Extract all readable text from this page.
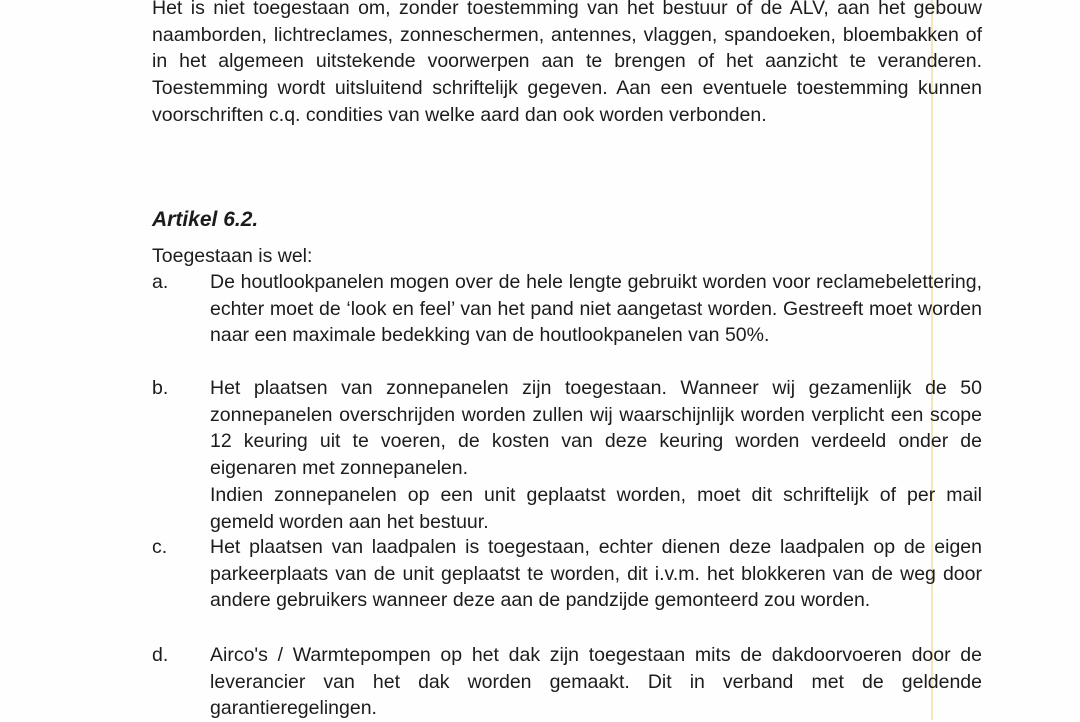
Het is niet toegestaan om, zonder toestemming van het bestuur of de ALV, aan het gebouw naamborden, lichtreclames, zonneschermen, antennes, vlaggen, spandoeken, bloembakken of in het algemeen uitstekende voorwerpen aan te brengen of het aanzicht te veranderen. Toestemming wordt uitsluitend schriftelijk gegeven. Aan een eventuele toestemming kunnen voorschriften c.q. condities van welke aard dan ook worden verbonden.

Artikel 6.2.

Toegestaan is wel:

a.	De houtlookpanelen mogen over de hele lengte gebruikt worden voor reclamebelettering, echter moet de ‘look en feel’ van het pand niet aangetast worden. Gestreeft moet worden naar een maximale bedekking van de houtlookpanelen van 50%.

b.	Het plaatsen van zonnepanelen zijn toegestaan. Wanneer wij gezamenlijk de 50 zonnepanelen overschrijden worden zullen wij waarschijnlijk worden verplicht een scope 12 keuring uit te voeren, de kosten van deze keuring worden verdeeld onder de eigenaren met zonnepanelen.

Indien zonnepanelen op een unit geplaatst worden, moet dit schriftelijk of per mail gemeld worden aan het bestuur.

c.	Het plaatsen van laadpalen is toegestaan, echter dienen deze laadpalen op de eigen parkeerplaats van de unit geplaatst te worden, dit i.v.m. het blokkeren van de weg door andere gebruikers wanneer deze aan de pandzijde gemonteerd zou worden.

d.	Airco's / Warmtepompen op het dak zijn toegestaan mits de dakdoorvoeren door de leverancier van het dak worden gemaakt. Dit in verband met de geldende garantieregelingen.
